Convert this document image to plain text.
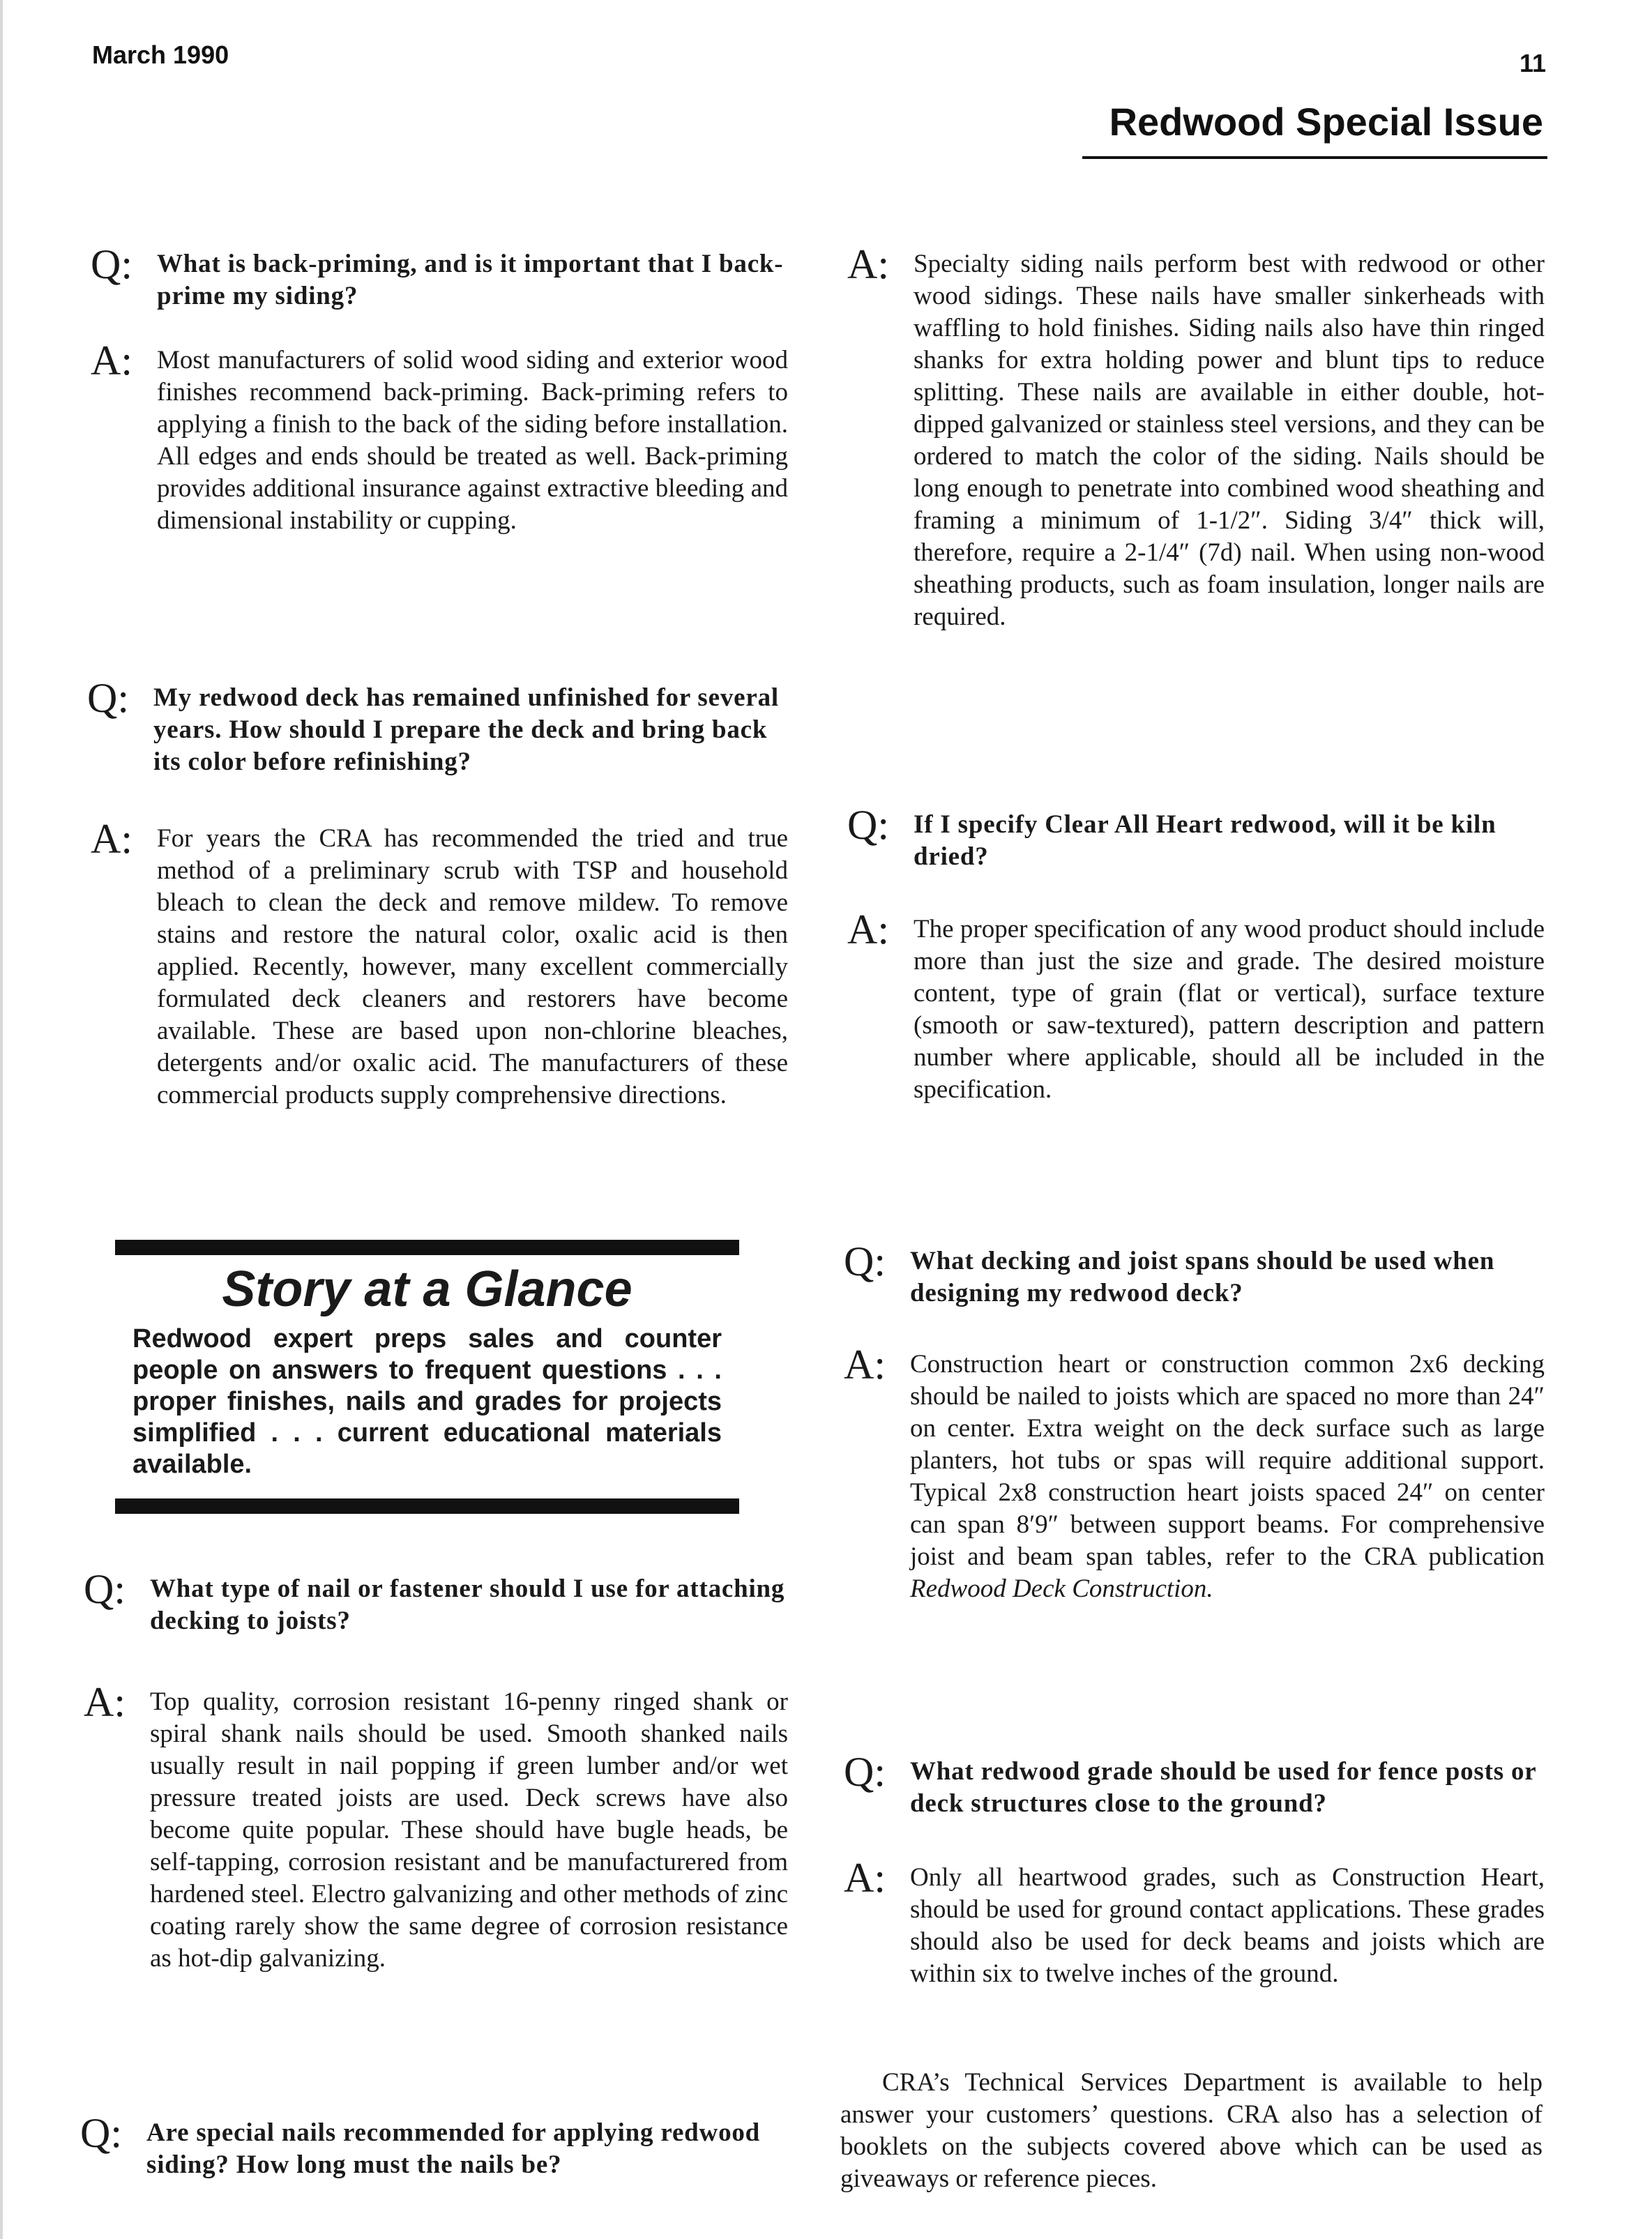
March 1990	11
Redwood Special Issue
Q: What is back-priming, and is it important that I back-prime my siding?
A: Most manufacturers of solid wood siding and exterior wood finishes recommend back-priming. Back-priming refers to applying a finish to the back of the siding before installation. All edges and ends should be treated as well. Back-priming provides additional insurance against extractive bleeding and dimensional instability or cupping.
Q: My redwood deck has remained unfinished for several years. How should I prepare the deck and bring back its color before refinishing?
A: For years the CRA has recommended the tried and true method of a preliminary scrub with TSP and household bleach to clean the deck and remove mildew. To remove stains and restore the natural color, oxalic acid is then applied. Recently, however, many excellent commercially formulated deck cleaners and restorers have become available. These are based upon non-chlorine bleaches, detergents and/or oxalic acid. The manufacturers of these commercial products supply comprehensive directions.
Story at a Glance
Redwood expert preps sales and counter people on answers to frequent questions . . . proper finishes, nails and grades for projects simplified . . . current educational materials available.
Q: What type of nail or fastener should I use for attaching decking to joists?
A: Top quality, corrosion resistant 16-penny ringed shank or spiral shank nails should be used. Smooth shanked nails usually result in nail popping if green lumber and/or wet pressure treated joists are used. Deck screws have also become quite popular. These should have bugle heads, be self-tapping, corrosion resistant and be manufacturered from hardened steel. Electro galvanizing and other methods of zinc coating rarely show the same degree of corrosion resistance as hot-dip galvanizing.
Q: Are special nails recommended for applying redwood siding? How long must the nails be?
A: Specialty siding nails perform best with redwood or other wood sidings. These nails have smaller sinkerheads with waffling to hold finishes. Siding nails also have thin ringed shanks for extra holding power and blunt tips to reduce splitting. These nails are available in either double, hot-dipped galvanized or stainless steel versions, and they can be ordered to match the color of the siding. Nails should be long enough to penetrate into combined wood sheathing and framing a minimum of 1-1/2″. Siding 3/4″ thick will, therefore, require a 2-1/4″ (7d) nail. When using non-wood sheathing products, such as foam insulation, longer nails are required.
Q: If I specify Clear All Heart redwood, will it be kiln dried?
A: The proper specification of any wood product should include more than just the size and grade. The desired moisture content, type of grain (flat or vertical), surface texture (smooth or saw-textured), pattern description and pattern number where applicable, should all be included in the specification.
Q: What decking and joist spans should be used when designing my redwood deck?
A: Construction heart or construction common 2x6 decking should be nailed to joists which are spaced no more than 24″ on center. Extra weight on the deck surface such as large planters, hot tubs or spas will require additional support. Typical 2x8 construction heart joists spaced 24″ on center can span 8′9″ between support beams. For comprehensive joist and beam span tables, refer to the CRA publication Redwood Deck Construction.
Q: What redwood grade should be used for fence posts or deck structures close to the ground?
A: Only all heartwood grades, such as Construction Heart, should be used for ground contact applications. These grades should also be used for deck beams and joists which are within six to twelve inches of the ground.
CRA’s Technical Services Department is available to help answer your customers’ questions. CRA also has a selection of booklets on the subjects covered above which can be used as giveaways or reference pieces.
